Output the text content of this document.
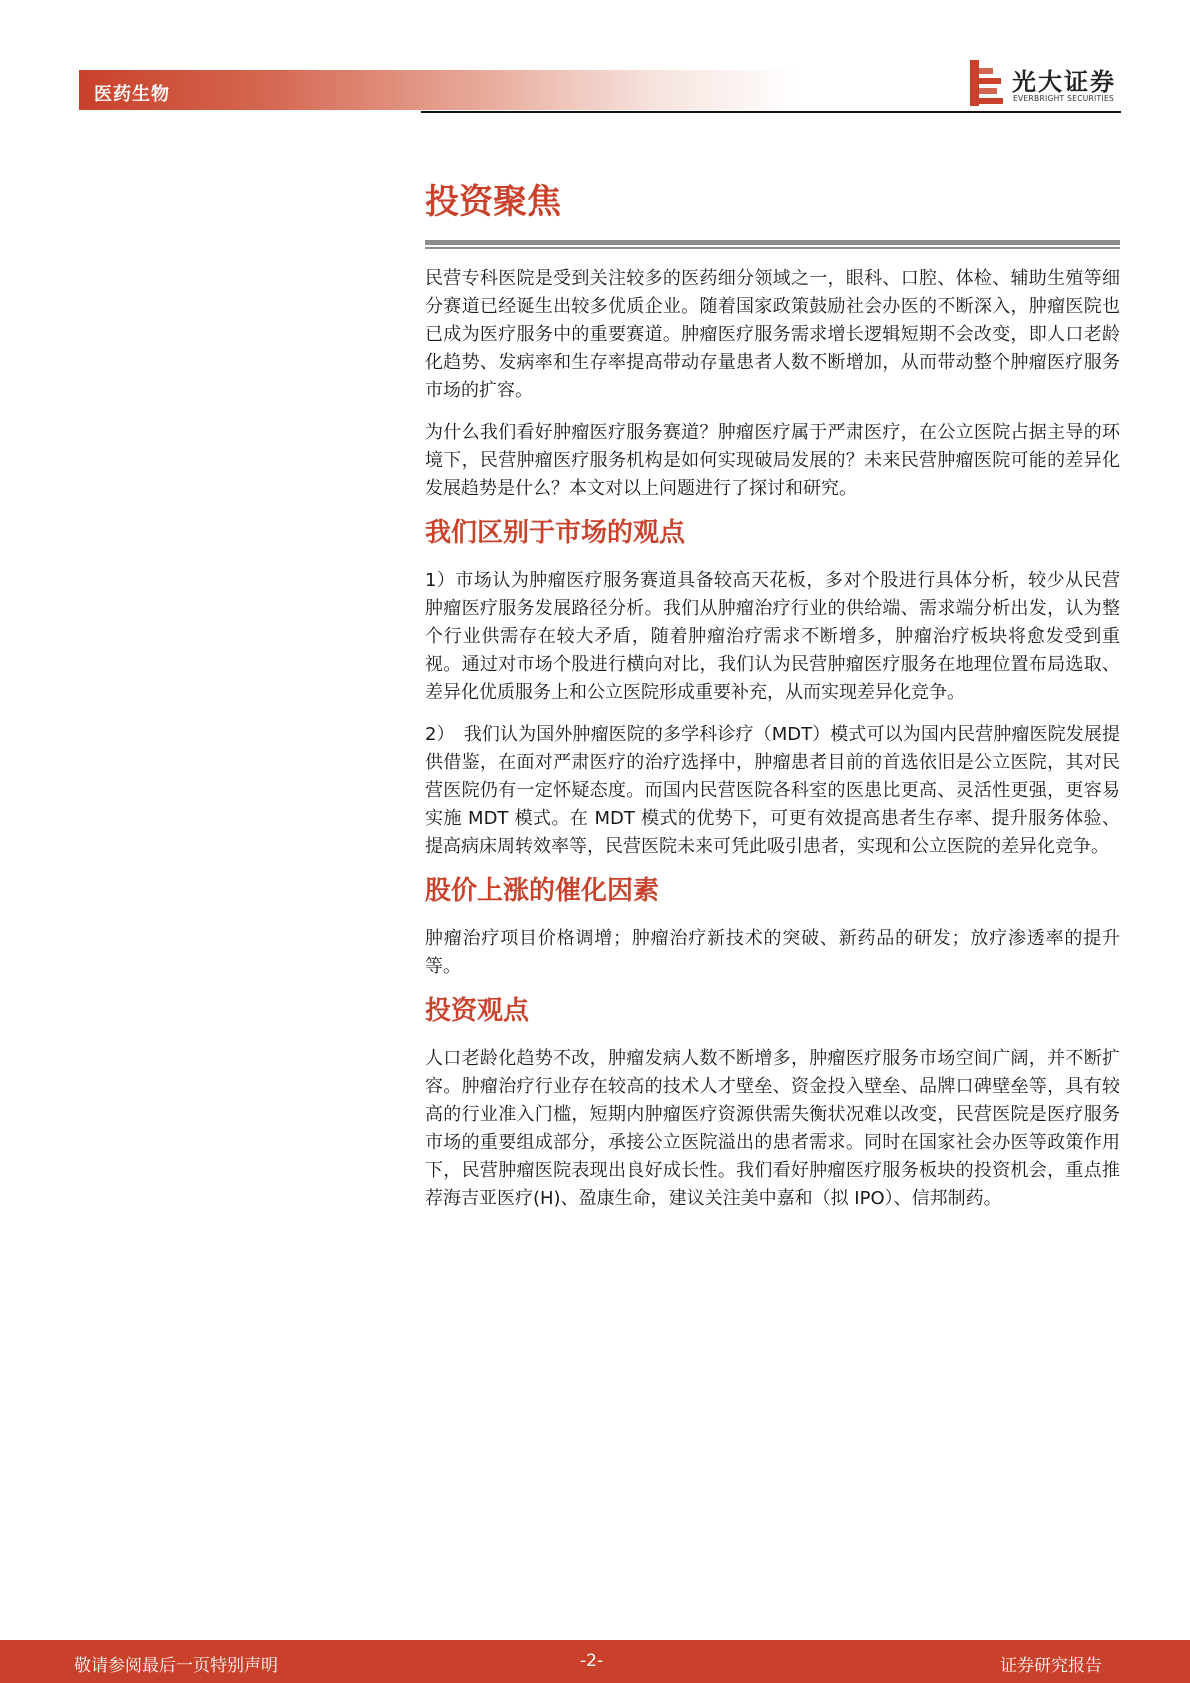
医药生物	光大证券
EVERBRIGHT SECURITIES
投资聚焦

民营专科医院是受到关注较多的医药细分领域之一，眼科、口腔、体检、辅助生殖等细分赛道已经诞生出较多优质企业。随着国家政策鼓励社会办医的不断深入，肿瘤医院也已成为医疗服务中的重要赛道。肿瘤医疗服务需求增长逻辑短期不会改变，即人口老龄化趋势、发病率和生存率提高带动存量患者人数不断增加，从而带动整个肿瘤医疗服务市场的扩容。

为什么我们看好肿瘤医疗服务赛道？肿瘤医疗属于严肃医疗，在公立医院占据主导的环境下，民营肿瘤医疗服务机构是如何实现破局发展的？未来民营肿瘤医院可能的差异化发展趋势是什么？本文对以上问题进行了探讨和研究。

我们区别于市场的观点

1）市场认为肿瘤医疗服务赛道具备较高天花板，多对个股进行具体分析，较少从民营肿瘤医疗服务发展路径分析。我们从肿瘤治疗行业的供给端、需求端分析出发，认为整个行业供需存在较大矛盾，随着肿瘤治疗需求不断增多，肿瘤治疗板块将愈发受到重视。通过对市场个股进行横向对比，我们认为民营肿瘤医疗服务在地理位置布局选取、差异化优质服务上和公立医院形成重要补充，从而实现差异化竞争。

2）　我们认为国外肿瘤医院的多学科诊疗（MDT）模式可以为国内民营肿瘤医院发展提供借鉴，在面对严肃医疗的治疗选择中，肿瘤患者目前的首选依旧是公立医院，其对民营医院仍有一定怀疑态度。而国内民营医院各科室的医患比更高、灵活性更强，更容易实施 MDT 模式。在 MDT 模式的优势下，可更有效提高患者生存率、提升服务体验、提高病床周转效率等，民营医院未来可凭此吸引患者，实现和公立医院的差异化竞争。

股价上涨的催化因素

肿瘤治疗项目价格调增；肿瘤治疗新技术的突破、新药品的研发；放疗渗透率的提升等。

投资观点

人口老龄化趋势不改，肿瘤发病人数不断增多，肿瘤医疗服务市场空间广阔，并不断扩容。肿瘤治疗行业存在较高的技术人才壁垒、资金投入壁垒、品牌口碑壁垒等，具有较高的行业准入门槛，短期内肿瘤医疗资源供需失衡状况难以改变，民营医院是医疗服务市场的重要组成部分，承接公立医院溢出的患者需求。同时在国家社会办医等政策作用下，民营肿瘤医院表现出良好成长性。我们看好肿瘤医疗服务板块的投资机会，重点推荐海吉亚医疗(H)、盈康生命，建议关注美中嘉和（拟 IPO）、信邦制药。

敬请参阅最后一页特别声明	-2-	证券研究报告
